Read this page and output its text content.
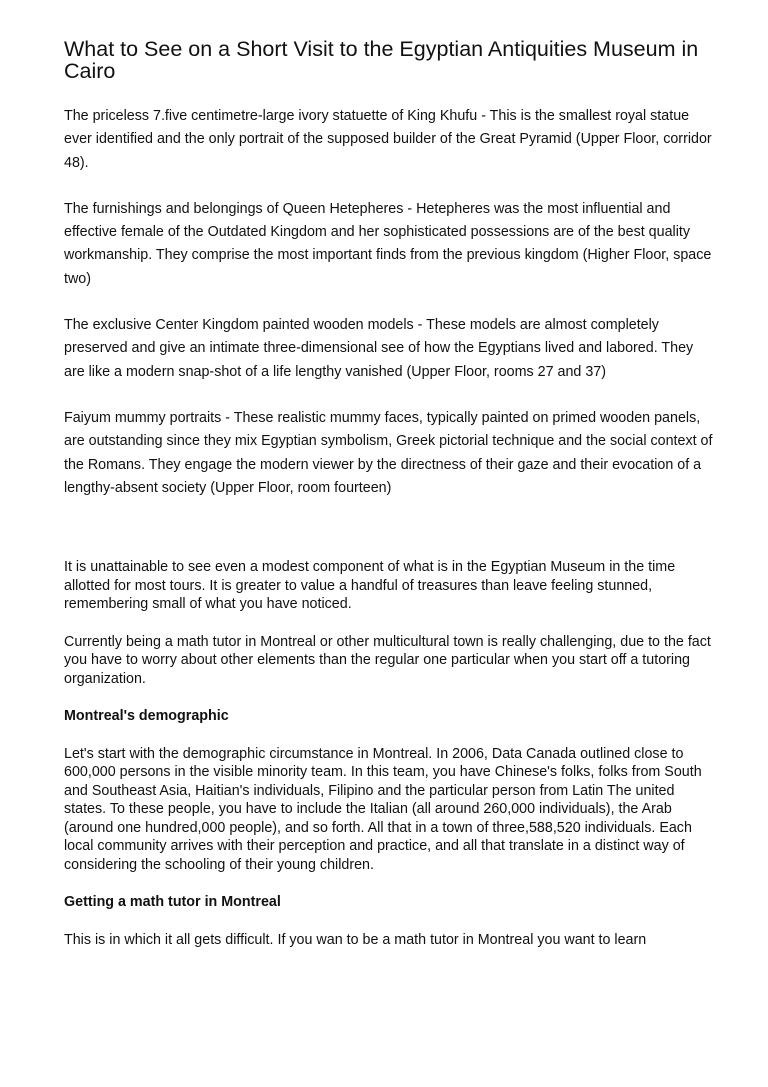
What to See on a Short Visit to the Egyptian Antiquities Museum in Cairo

The priceless 7.five centimetre-large ivory statuette of King Khufu - This is the smallest royal statue ever identified and the only portrait of the supposed builder of the Great Pyramid (Upper Floor, corridor 48).

The furnishings and belongings of Queen Hetepheres - Hetepheres was the most influential and effective female of the Outdated Kingdom and her sophisticated possessions are of the best quality workmanship. They comprise the most important finds from the previous kingdom (Higher Floor, space two)

The exclusive Center Kingdom painted wooden models - These models are almost completely preserved and give an intimate three-dimensional see of how the Egyptians lived and labored. They are like a modern snap-shot of a life lengthy vanished (Upper Floor, rooms 27 and 37)

Faiyum mummy portraits - These realistic mummy faces, typically painted on primed wooden panels, are outstanding since they mix Egyptian symbolism, Greek pictorial technique and the social context of the Romans. They engage the modern viewer by the directness of their gaze and their evocation of a lengthy-absent society (Upper Floor, room fourteen)

It is unattainable to see even a modest component of what is in the Egyptian Museum in the time allotted for most tours. It is greater to value a handful of treasures than leave feeling stunned, remembering small of what you have noticed.

Currently being a math tutor in Montreal or other multicultural town is really challenging, due to the fact you have to worry about other elements than the regular one particular when you start off a tutoring organization.

Montreal's demographic

Let's start with the demographic circumstance in Montreal. In 2006, Data Canada outlined close to 600,000 persons in the visible minority team. In this team, you have Chinese's folks, folks from South and Southeast Asia, Haitian's individuals, Filipino and the particular person from Latin The united states. To these people, you have to include the Italian (all around 260,000 individuals), the Arab (around one hundred,000 people), and so forth. All that in a town of three,588,520 individuals. Each local community arrives with their perception and practice, and all that translate in a distinct way of considering the schooling of their young children.

Getting a math tutor in Montreal

This is in which it all gets difficult. If you wan to be a math tutor in Montreal you want to learn
